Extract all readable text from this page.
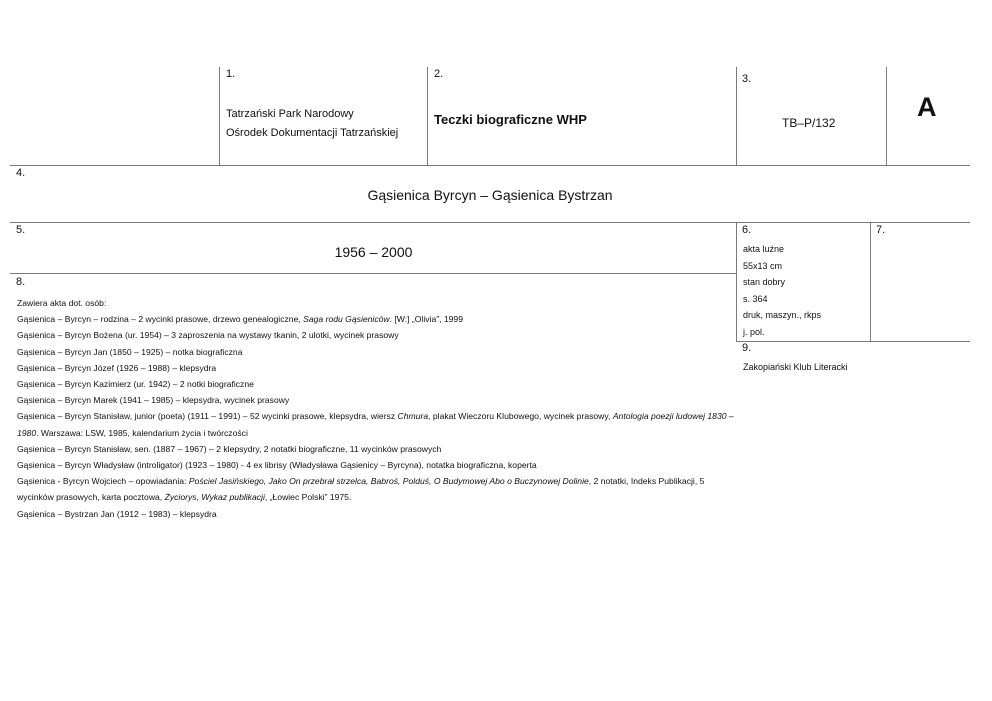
1.
Tatrzański Park Narodowy
Ośrodek Dokumentacji Tatrzańskiej
2.
Teczki biograficzne WHP
3.
TB–P/132
A
4.
Gąsienica Byrcyn – Gąsienica Bystrzan
5.
1956 – 2000
6.
akta luźne
55x13 cm
stan dobry
s. 364
druk, maszyn., rkps
j. pol.
7.
9.
Zakopiański Klub Literacki
8.
Zawiera akta dot. osób:
Gąsienica – Byrcyn – rodzina – 2 wycinki prasowe, drzewo genealogiczne, Saga rodu Gąsieniców. [W:] „Olivia”, 1999
Gąsienica – Byrcyn Bożena (ur. 1954) – 3 zaproszenia na wystawy tkanin, 2 ulotki, wycinek prasowy
Gąsienica – Byrcyn Jan (1850 – 1925) – notka biograficzna
Gąsienica – Byrcyn Józef (1926 – 1988) – klepsydra
Gąsienica – Byrcyn Kazimierz (ur. 1942) – 2 notki biograficzne
Gąsienica – Byrcyn Marek (1941 – 1985) – klepsydra, wycinek prasowy
Gąsienica – Byrcyn Stanisław, junior (poeta) (1911 – 1991) – 52 wycinki prasowe, klepsydra, wiersz Chmura, plakat Wieczoru Klubowego, wycinek prasowy, Antologia poezji ludowej 1830 – 1980. Warszawa: LSW, 1985, kalendarium życia i twórczości
Gąsienica – Byrcyn Stanisław, sen. (1887 – 1967) – 2 klepsydry, 2 notatki biograficzne, 11 wycinków prasowych
Gąsienica – Byrcyn Władysław (introligator) (1923 – 1980) - 4 ex librisy (Władysława Gąsienicy – Byrcyna), notatka biograficzna, koperta
Gąsienica - Byrcyn Wojciech – opowiadania: Pościel Jasińskiego, Jako On przebrał strzelca, Babroś, Polduś, O Budymowej Abo o Buczynowej Dolinie, 2 notatki, Indeks Publikacji, 5 wycinków prasowych, karta pocztowa, Życiorys, Wykaz publikacji, „Łowiec Polski” 1975.
Gąsienica – Bystrzan Jan (1912 – 1983) – klepsydra
